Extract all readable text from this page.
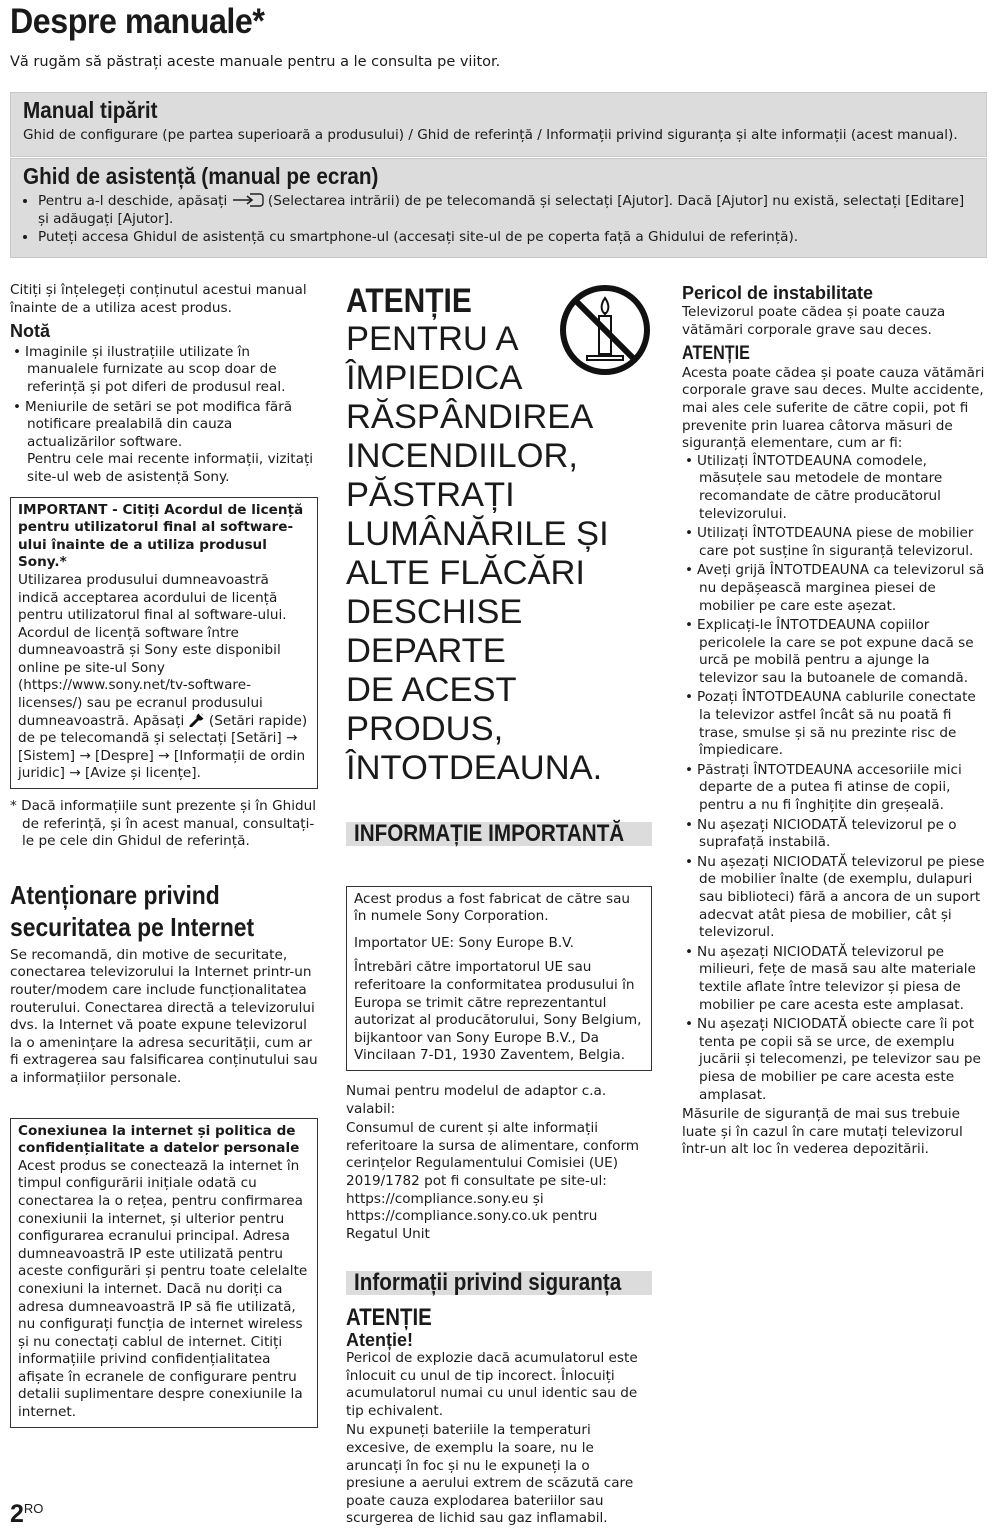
Despre manuale*
Vă rugăm să păstrați aceste manuale pentru a le consulta pe viitor.
Manual tipărit

Ghid de configurare (pe partea superioară a produsului) / Ghid de referință / Informații privind siguranța și alte informații (acest manual).

Ghid de asistență (manual pe ecran)
• Pentru a-l deschide, apăsați	(Selectarea intrării) de pe telecomandă și selectați [Ajutor]. Dacă [Ajutor] nu există, selectați [Editare] și adăugați [Ajutor].
• Puteți accesa Ghidul de asistență cu smartphone-ul (accesați site-ul de pe coperta față a Ghidului de referință).

Citiți și înțelegeți conținutul acestui manual înainte de a utiliza acest produs.

Notă
• Imaginile și ilustrațiile utilizate în manualele furnizate au scop doar de referință și pot diferi de produsul real.
• Meniurile de setări se pot modifica fără notificare prealabilă din cauza actualizărilor software.
Pentru cele mai recente informații, vizitați site-ul web de asistență Sony.
IMPORTANT - Citiți Acordul de licență pentru utilizatorul final al software-ului înainte de a utiliza produsul Sony.*
Utilizarea produsului dumneavoastră indică acceptarea acordului de licență pentru utilizatorul final al software-ului. Acordul de licență software între dumneavoastră și Sony este disponibil online pe site-ul Sony (https://www.sony.net/tv-software-licenses/) sau pe ecranul produsului dumneavoastră. Apăsați (Setări rapide) de pe telecomandă și selectați [Setări] → [Sistem] → [Despre] → [Informații de ordin juridic] → [Avize și licențe].

* Dacă informațiile sunt prezente și în Ghidul de referință, și în acest manual, consultați-le pe cele din Ghidul de referință.

Atenționare privind securitatea pe Internet

Se recomandă, din motive de securitate, conectarea televizorului la Internet printr-un router/modem care include funcționalitatea routerului. Conectarea directă a televizorului dvs. la Internet vă poate expune televizorul la o amenințare la adresa securității, cum ar fi extragerea sau falsificarea conținutului sau a informațiilor personale.

Conexiunea la internet și politica de confidențialitate a datelor personale
Acest produs se conectează la internet în timpul configurării inițiale odată cu conectarea la o rețea, pentru confirmarea conexiunii la internet, și ulterior pentru configurarea ecranului principal. Adresa dumneavoastră IP este utilizată pentru aceste configurări și pentru toate celelalte conexiuni la internet. Dacă nu doriți ca adresa dumneavoastră IP să fie utilizată, nu configurați funcția de internet wireless și nu conectați cablul de internet. Citiți informațiile privind confidențialitatea afișate în ecranele de configurare pentru detalii suplimentare despre conexiunile la internet.
ATENȚIE
PENTRU A
ÎMPIEDICA
RĂSPÂNDIREA
INCENDIILOR,
PĂSTRAȚI
LUMÂNĂRILE ȘI
ALTE FLĂCĂRI
DESCHISE DEPARTE
DE ACEST PRODUS,
ÎNTOTDEAUNA.
INFORMAȚIE IMPORTANTĂ

Acest produs a fost fabricat de către sau în numele Sony Corporation.

Importator UE: Sony Europe B.V.

Întrebări către importatorul UE sau referitoare la conformitatea produsului în Europa se trimit către reprezentantul autorizat al producătorului, Sony Belgium, bijkantoor van Sony Europe B.V., Da Vincilaan 7-D1, 1930 Zaventem, Belgia.

Numai pentru modelul de adaptor c.a. valabil:

Consumul de curent și alte informații referitoare la sursa de alimentare, conform cerințelor Regulamentului Comisiei (UE) 2019/1782 pot fi consultate pe site-ul: https://compliance.sony.eu și https://compliance.sony.co.uk pentru Regatul Unit

Informații privind siguranța
ATENȚIE
Atenție!

Pericol de explozie dacă acumulatorul este înlocuit cu unul de tip incorect. Înlocuiți acumulatorul numai cu unul identic sau de tip echivalent.

Nu expuneți bateriile la temperaturi excesive, de exemplu la soare, nu le aruncați în foc și nu le expuneți la o presiune a aerului extrem de scăzută care poate cauza explodarea bateriilor sau scurgerea de lichid sau gaz inflamabil.

Pericol de instabilitate

Televizorul poate cădea și poate cauza vătămări corporale grave sau deces.

ATENȚIE

Acesta poate cădea și poate cauza vătămări corporale grave sau deces. Multe accidente, mai ales cele suferite de către copii, pot fi prevenite prin luarea câtorva măsuri de siguranță elementare, cum ar fi:

• Utilizați ÎNTOTDEAUNA comodele, măsuțele sau metodele de montare recomandate de către producătorul televizorului.
• Utilizați ÎNTOTDEAUNA piese de mobilier care pot susține în siguranță televizorul.
• Aveți grijă ÎNTOTDEAUNA ca televizorul să nu depășească marginea piesei de mobilier pe care este așezat.
• Explicați-le ÎNTOTDEAUNA copiilor pericolele la care se pot expune dacă se urcă pe mobilă pentru a ajunge la televizor sau la butoanele de comandă.
• Pozați ÎNTOTDEAUNA cablurile conectate la televizor astfel încât să nu poată fi trase, smulse și să nu prezinte risc de împiedicare.
• Păstrați ÎNTOTDEAUNA accesoriile mici departe de a putea fi atinse de copii, pentru a nu fi înghițite din greșeală.
• Nu așezați NICIODATĂ televizorul pe o suprafață instabilă.
• Nu așezați NICIODATĂ televizorul pe piese de mobilier înalte (de exemplu, dulapuri sau biblioteci) fără a ancora de un suport adecvat atât piesa de mobilier, cât și televizorul.
• Nu așezați NICIODATĂ televizorul pe milieuri, fețe de masă sau alte materiale textile aflate între televizor și piesa de mobilier pe care acesta este amplasat.
• Nu așezați NICIODATĂ obiecte care îi pot tenta pe copii să se urce, de exemplu jucării și telecomenzi, pe televizor sau pe piesa de mobilier pe care acesta este amplasat.

Măsurile de siguranță de mai sus trebuie luate și în cazul în care mutați televizorul într-un alt loc în vederea depozitării.

$2^{RO}$
